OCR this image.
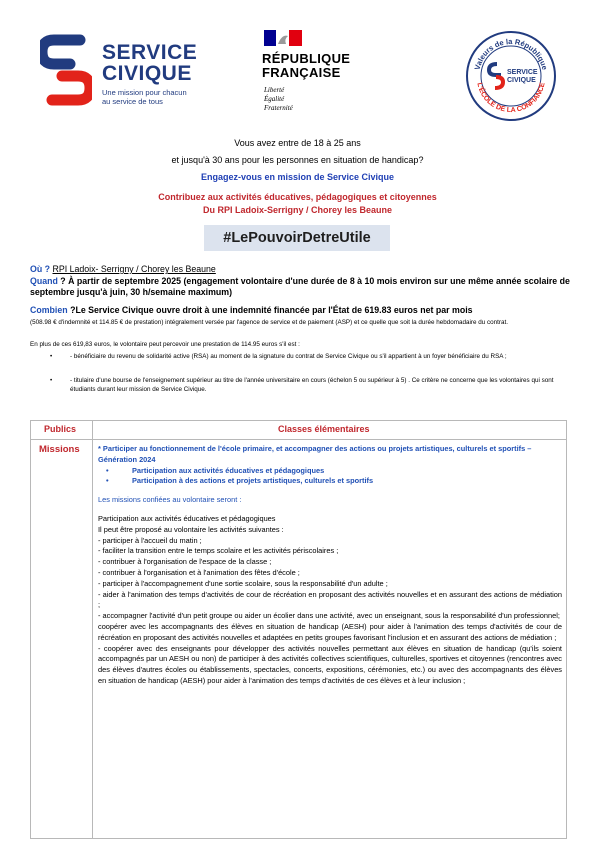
SERVICE
CIVIQUE
Une mission pour chacun
au service de tous
RÉPUBLIQUE
FRANÇAISE
Liberté
Égalité
Fraternité
Valeurs de la République
L'ÉCOLE DE LA CONFIANCE
SERVICE
CIVIQUE
Vous avez entre de 18 à 25 ans
et jusqu'à 30 ans pour les personnes en situation de handicap?
Engagez-vous en mission de Service Civique
Contribuez aux activités éducatives, pédagogiques et citoyennes
Du RPI Ladoix-Serrigny / Chorey les Beaune
#LePouvoirDetreUtile
Où ? RPI Ladoix- Serrigny / Chorey les Beaune
Quand ? À partir de septembre 2025 (engagement volontaire d'une durée de 8 à 10 mois environ sur une même année scolaire de septembre jusqu'à juin, 30 h/semaine maximum)
Combien ?Le Service Civique ouvre droit à une indemnité financée par l'État de 619.83 euros net par mois
(508.98 € d'indemnité et 114.85 € de prestation) intégralement versée par l'agence de service et de paiement (ASP) et ce quelle que soit la durée hebdomadaire du contrat.
En plus de ces 619,83 euros, le volontaire peut percevoir une prestation de 114.95 euros s'il est :
•	- bénéficiaire du revenu de solidarité active (RSA) au moment de la signature du contrat de Service Civique ou s'il appartient à un foyer bénéficiaire du RSA ;
•	- titulaire d'une bourse de l'enseignement supérieur au titre de l'année universitaire en cours (échelon 5 ou supérieur à 5) . Ce critère ne concerne que les volontaires qui sont étudiants durant leur mission de Service Civique.
Publics	Classes élémentaires
Missions * Participer au fonctionnement de l'école primaire, et accompagner des actions ou projets artistiques, culturels et sportifs – Génération 2024

• Participation aux activités éducatives et pédagogiques

• Participation à des actions et projets artistiques, culturels et sportifs

Les missions confiées au volontaire seront :

Participation aux activités éducatives et pédagogiques

Il peut être proposé au volontaire les activités suivantes :

- participer à l'accueil du matin ;

- faciliter la transition entre le temps scolaire et les activités périscolaires ;

- contribuer à l'organisation de l'espace de la classe ;

- contribuer à l'organisation et à l'animation des fêtes d'école ;

- participer à l'accompagnement d'une sortie scolaire, sous la responsabilité d'un adulte ;

- aider à l'animation des temps d'activités de cour de récréation en proposant des activités nouvelles et en assurant des actions de médiation ;

- accompagner l'activité d'un petit groupe ou aider un écolier dans une activité, avec un enseignant, sous la responsabilité d'un professionnel;

coopérer avec les accompagnants des élèves en situation de handicap (AESH) pour aider à l'animation des temps d'activités de cour de récréation en proposant des activités nouvelles et adaptées en petits groupes favorisant l'inclusion et en assurant des actions de médiation ;

- coopérer avec des enseignants pour développer des activités nouvelles permettant aux élèves en situation de handicap (qu'ils soient accompagnés par un AESH ou non) de participer à des activités collectives scientifiques, culturelles, sportives et citoyennes (rencontres avec des élèves d'autres écoles ou établissements, spectacles, concerts, expositions, cérémonies, etc.) ou avec des accompagnants des élèves en situation de handicap (AESH) pour aider à l'animation des temps d'activités de ces élèves et à leur inclusion ;
